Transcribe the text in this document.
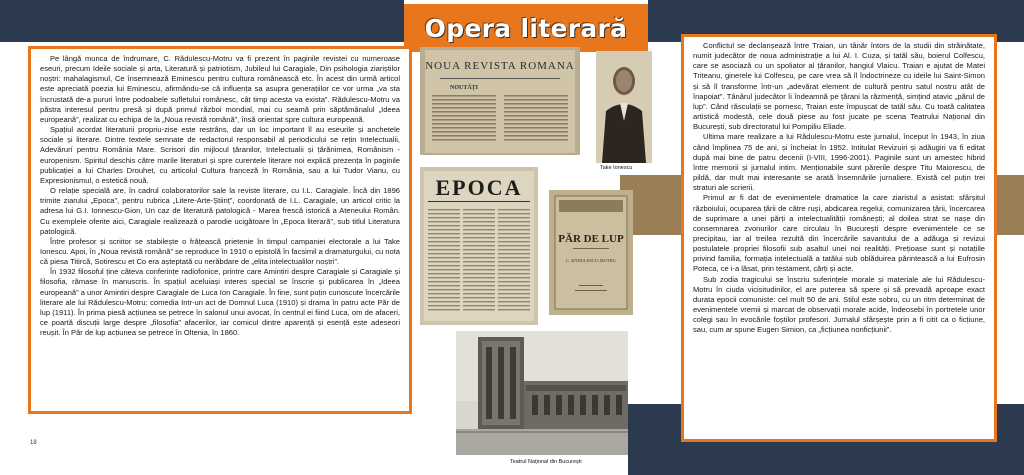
Opera literară

Pe lângă munca de îndrumare, C. Rădulescu-Motru va fi prezent în paginile revistei cu numeroase eseuri, precum Ideile sociale și arta, Literatură și patriotism, Jubileul lui Caragiale, Din psihologia ziariștilor noștri: mahalagismul, Ce însemnează Eminescu pentru cultura românească etc. În acest din urmă articol este apreciată poezia lui Eminescu, afirmându-se că influența sa asupra generațiilor ce vor urma „va sta încrustată de-a pururi între podoabele sufletului românesc, cât timp acesta va exista”. Rădulescu-Motru va păstra interesul pentru presă și după primul război mondial, mai cu seamă prin săptămânalul „Ideea europeană”, realizat cu echipa de la „Noua revistă română”, însă orientat spre cultura europeană.

Spațiul acordat literaturii propriu-zise este restrâns, dar un loc important îl au eseurile și anchetele sociale și literare. Dintre textele semnate de redactorul responsabil al periodicului se rețin Intelectualii, Adevărurí pentru România Mare. Scrisori din mijlocul țăranilor, Intelectualii și țărănimea, Românism - europenism. Spiritul deschis către marile literaturi și spre curentele literare noi explică prezența în paginile publicației a lui Charles Drouhet, cu articolul Cultura franceză în România, sau a lui Tudor Vianu, cu Expresionismul, o estetică nouă.

O relație specială are, în cadrul colaboratorilor sale la reviste literare, cu I.L. Caragiale. Încă din 1896 trimite ziarului „Epoca”, pentru rubrica „Litere-Arte-Științ”, coordonată de I.L. Caragiale, un articol critic la adresa lui G.I. Ionnescu-Gion, Un caz de literatură patologică - Marea frescă istorică a Ateneului Român. Cu exemplele oferite aici, Caragiale realizează o parodie ucigătoare în „Epoca literară”, sub titlul Literatura patologică.

Între profesor și scriitor se stabilește o frățească prietenie în timpul campaniei electorale a lui Take Ionescu. Apoi, în „Noua revistă română” se reproduce în 1910 o epistolă în facsimil a dramaturgului, cu nota că piesa Titircă, Sotirescu et Co era așteptată cu nerăbdare de „elita intelectualilor noștri”.

În 1932 filosoful ține câteva conferințe radiofonice, printre care Amintiri despre Caragiale și Caragiale și filosofia, rămase în manuscris. În spațiul aceluiași interes special se înscrie și publicarea în „Ideea europeană” a unor Amintiri despre Caragiale de Luca Ion Caragiale. În fine, sunt puțin cunoscute încercările literare ale lui Rădulescu-Motru: comedia Intr-un act de Domnul Luca (1910) și drama în patru acte Păr de lup (1911). În prima piesă acțiunea se petrece în salonul unui avocat, în centrul ei fiind Luca, om de afaceri, ce poartă discuții large despre „filosofia” afacerilor, iar comicul dintre aparență și esență este adeseori reușit. În Păr de lup acțiunea se petrece în Oltenia, în 1860.

Conflictul se declanșează între Traian, un tânăr întors de la studii din străinătate, numit judecător de noua administrație a lui Al. I. Cuza, și tatăl său, boierul Colfescu, care se asociază cu un spoliator al țăranilor, hangiul Vlaicu. Traian e ajutat de Matei Triteanu, ginerele lui Colfescu, pe care vrea să îl îndoctrineze cu ideile lui Saint-Simon și să îl transforme într-un „adevărat element de cultură pentru satul nostru atât de înapoiat”. Tânărul judecător îi îndeamnă pe țărani la răzmeriță, simțind atavic „părul de lup”. Când răsculații se pornesc, Traian este împușcat de tatăl său. Cu toată calitatea artistică modestă, cele două piese au fost jucate pe scena Teatrului Național din București, sub directoratul lui Pompiliu Eliade.

Ultima mare realizare a lui Rădulescu-Motru este jurnalul, început în 1943, în ziua când împlinea 75 de ani, și încheiat în 1952. Intitulat Revizuiri și adăugiri va fi editat după mai bine de patru decenii (I-VIII, 1996-2001). Paginile sunt un amestec hibrid între memorii și jurnalul intim. Menționabile sunt părerile despre Titu Maiorescu, de pildă, dar mult mai interesante se arată însemnările jurnaliere. Există cel puțin trei straturi ale scrierii.

Primul ar fi dat de evenimentele dramatice la care ziaristul a asistat: sfârșitul războiului, ocuparea țării de către ruși, abdicarea regelui, comunizarea țării, încercarea de suprimare a unei părți a intelectualității românești; al doilea strat se nașe din consemnarea zvonurilor care circulau în București despre evenimentele ce se precipitau, iar al treilea rezultă din încercările savantului de a adăuga și revizui postulatele propriei filosofii sub asaltul unei noi realități. Prețioase sunt și notațiile privind familia, formația intelectuală a tatălui sub oblăduirea părintească a lui Eufrosin Poteca, ce i-a lăsat, prin testament, cărți și acte.

Sub zodia tragicului se înscriu suferințele morale și materiale ale lui Rădulescu-Motru în ciuda vicisitudinilor, el are puterea să spere și să prevadă aproape exact durata epocii comuniste: cel mult 50 de ani. Stilul este sobru, cu un ritm determinat de evenimentele vremii și marcat de observații morale acide, îndeosebi în portretele unor colegi sau în evocările foștilor profesori. Jurnalul sfârșește prin a fi citit ca o ficțiune, sau, cum ar spune Eugen Simion, ca „ficțiunea nonficțiunii”.

NOUA REVISTA ROMANA
NOUTĂȚI
Take Ionescu
EPOCA
PĂR DE LUP
C. RĂDULESCU-MOTRU
Teatrul Național din București
18
